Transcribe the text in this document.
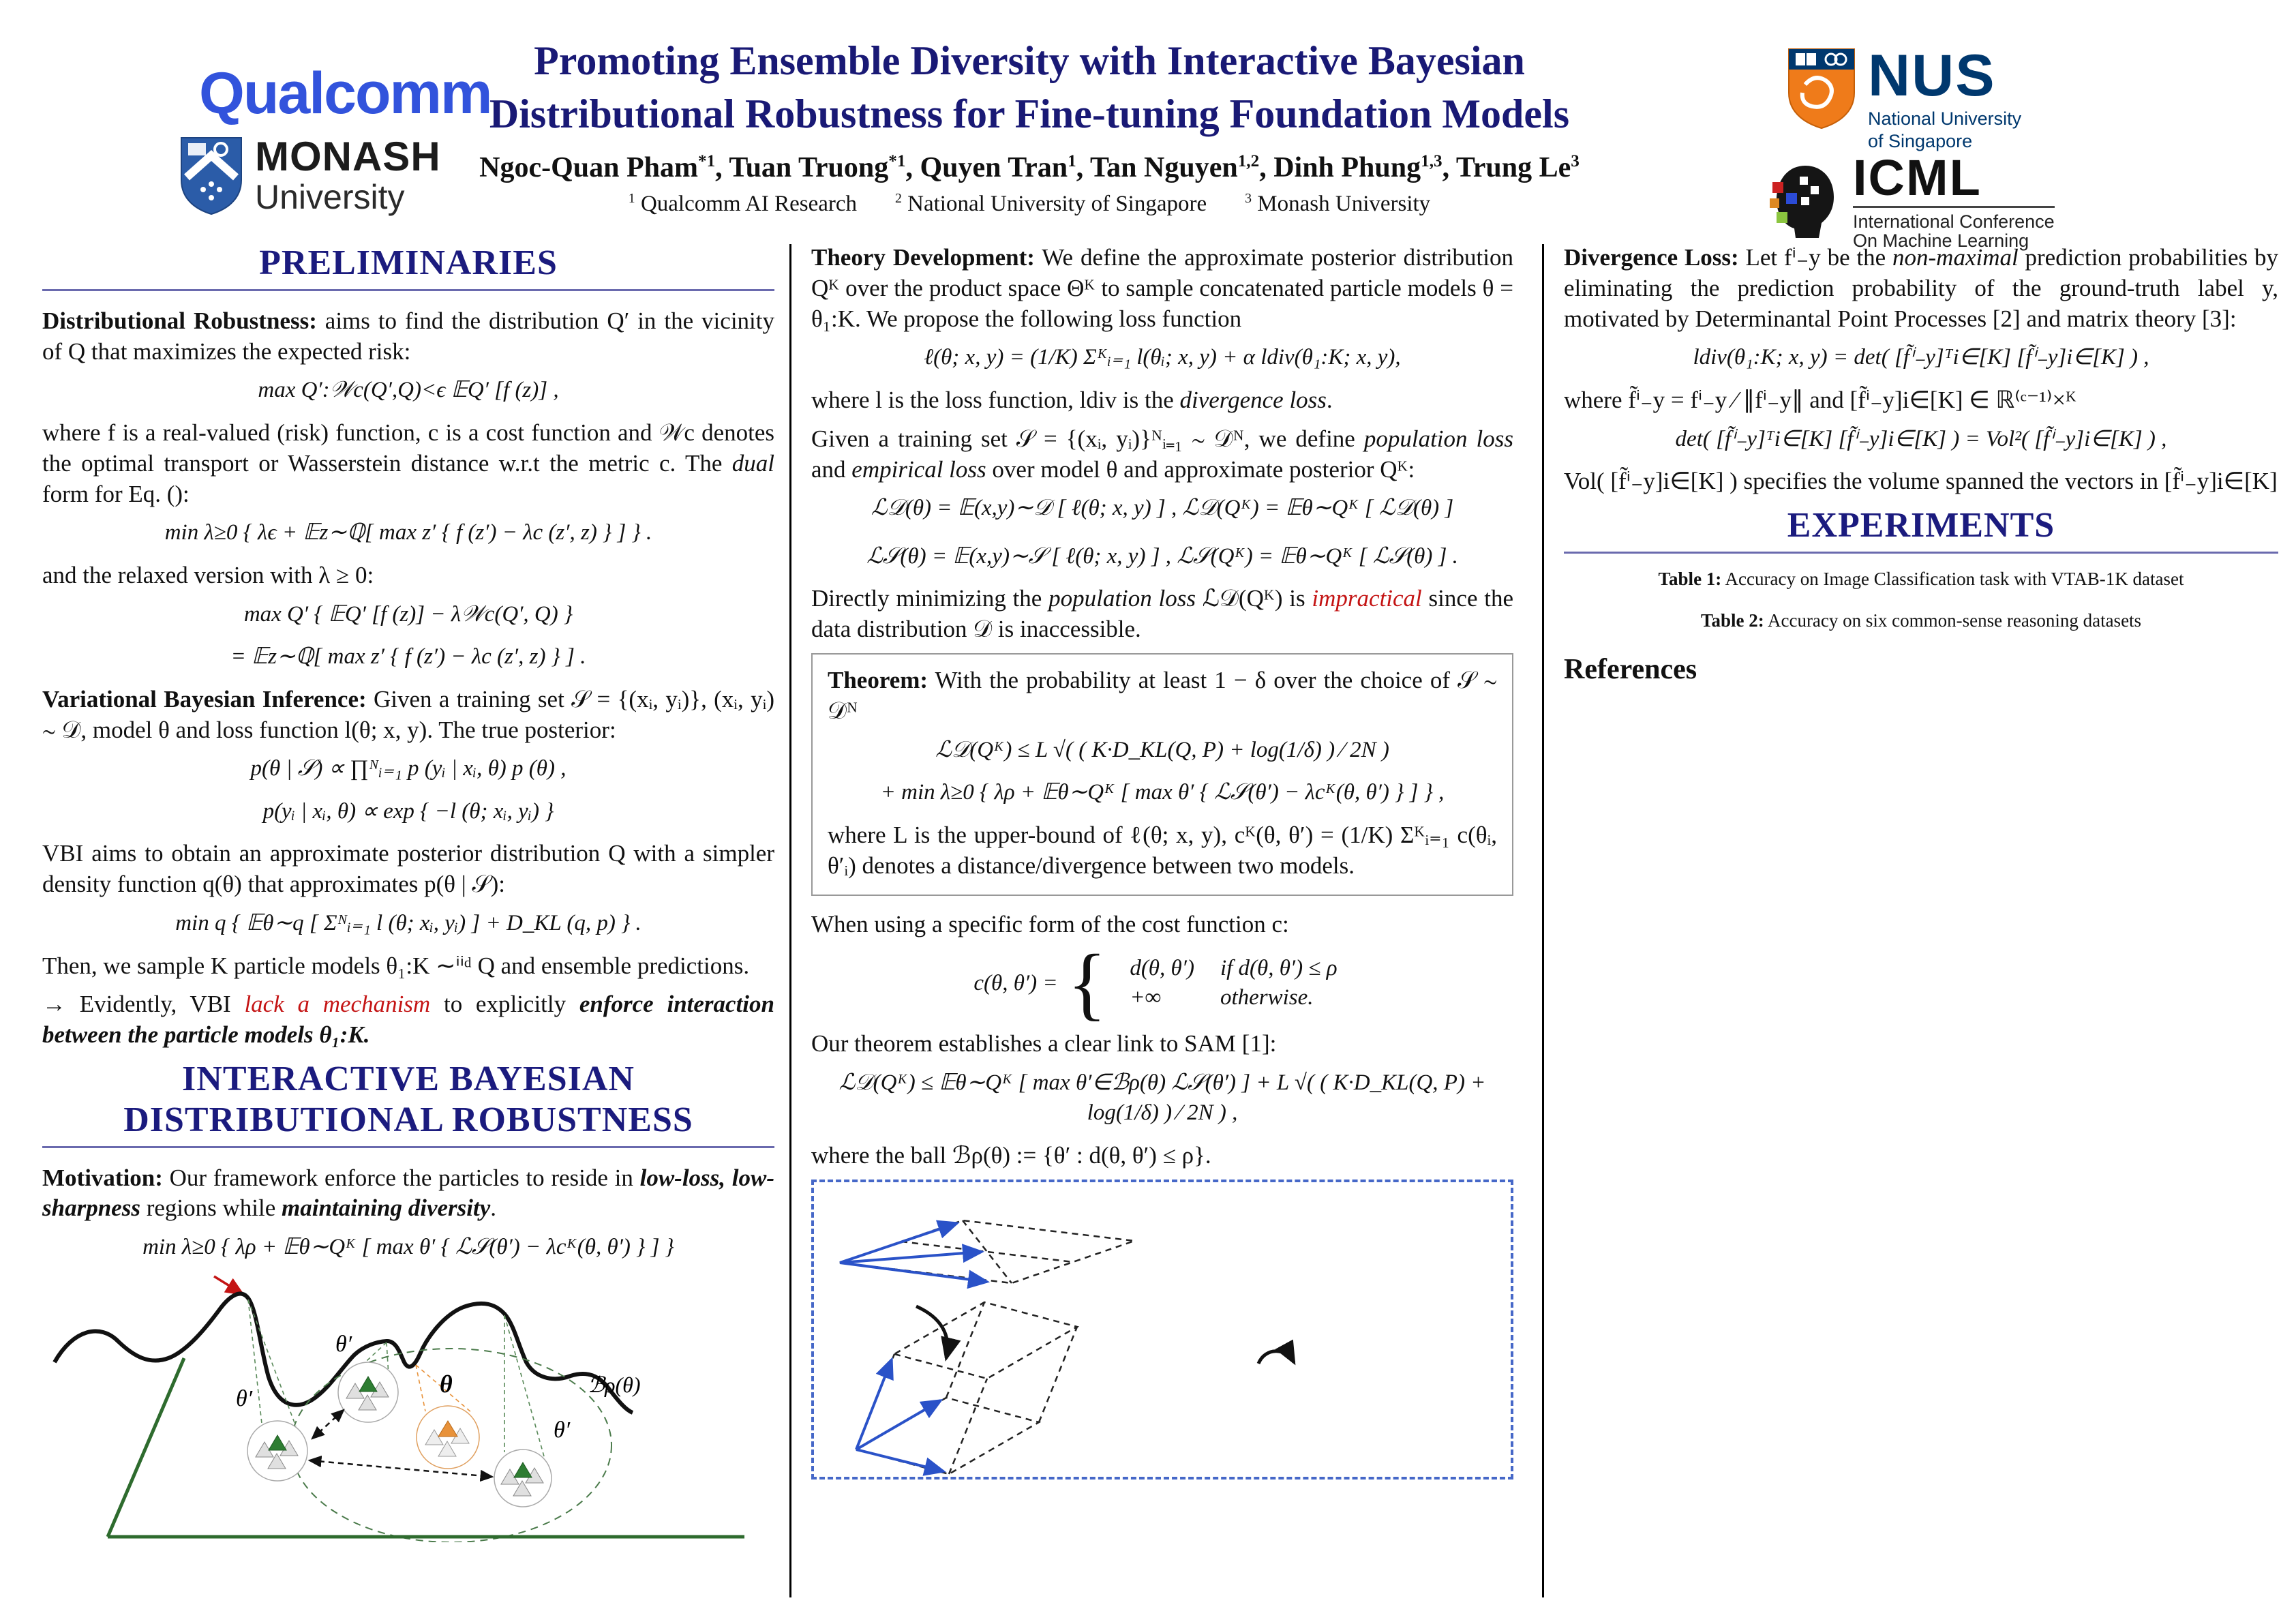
Qualcomm
MONASH
University
Promoting Ensemble Diversity with Interactive Bayesian
Distributional Robustness for Fine-tuning Foundation Models
Ngoc-Quan Pham$^{*1}$, Tuan Truong$^{*1}$, Quyen Tran$^1$, Tan Nguyen$^{1,2}$, Dinh Phung$^{1,3}$, Trung Le$^3$
$^1$ Qualcomm AI Research	$^2$ National University of Singapore	$^3$ Monash University
NUS
National University
of Singapore
ICML
International Conference
On Machine Learning
PRELIMINARIES

Distributional Robustness: aims to find the distribution Q′ in the vicinity of Q that maximizes the expected risk:

max Q′:𝒲c(Q′,Q)<ϵ 𝔼Q′ [f (z)] ,

where f is a real-valued (risk) function, c is a cost function and 𝒲c denotes the optimal transport or Wasserstein distance w.r.t the metric c. The dual form for Eq. ():

min λ≥0 { λϵ + 𝔼z∼ℚ[ max z′ { f (z′) − λc (z′, z) } ] } .

and the relaxed version with λ ≥ 0:

max Q′ { 𝔼Q′ [f (z)] − λ𝒲c(Q′, Q) }
= 𝔼z∼ℚ[ max z′ { f (z′) − λc (z′, z) } ] .

Variational Bayesian Inference: Given a training set 𝒮 = {(xᵢ, yᵢ)}, (xᵢ, yᵢ) ∼ 𝒟, model θ and loss function l(θ; x, y). The true posterior:

p(θ | 𝒮) ∝ ∏ᴺᵢ₌₁ p (yᵢ | xᵢ, θ) p (θ) ,
p(yᵢ | xᵢ, θ) ∝ exp { −l (θ; xᵢ, yᵢ) }

VBI aims to obtain an approximate posterior distribution Q with a simpler density function q(θ) that approximates p(θ | 𝒮):

min q { 𝔼θ∼q [ Σᴺᵢ₌₁ l (θ; xᵢ, yᵢ) ] + D_KL (q, p) } .

Then, we sample K particle models θ₁:K ∼ⁱⁱᵈ Q and ensemble predictions.

→ Evidently, VBI lack a mechanism to explicitly enforce interaction between the particle models θ₁:K.

INTERACTIVE BAYESIAN DISTRIBUTIONAL ROBUSTNESS

Motivation: Our framework enforce the particles to reside in low-loss, low-sharpness regions while maintaining diversity.

min λ≥0 { λρ + 𝔼θ∼Qᴷ [ max θ′ { ℒ𝒮(θ′) − λcᴷ(θ, θ′) } ] }
θ′
θ′
θ
θ′
ℬρ(θ)

Theory Development: We define the approximate posterior distribution Qᴷ over the product space Θᴷ to sample concatenated particle models θ = θ₁:K. We propose the following loss function

ℓ(θ; x, y) = (1/K) Σᴷᵢ₌₁ l(θᵢ; x, y) + α ldiv(θ₁:K; x, y),

where l is the loss function, ldiv is the divergence loss.

Given a training set 𝒮 = {(xᵢ, yᵢ)}ᴺᵢ₌₁ ∼ 𝒟ᴺ, we define population loss and empirical loss over model θ and approximate posterior Qᴷ:

ℒ𝒟(θ) = 𝔼(x,y)∼𝒟 [ ℓ(θ; x, y) ] , ℒ𝒟(Qᴷ) = 𝔼θ∼Qᴷ [ ℒ𝒟(θ) ]
ℒ𝒮(θ) = 𝔼(x,y)∼𝒮 [ ℓ(θ; x, y) ] , ℒ𝒮(Qᴷ) = 𝔼θ∼Qᴷ [ ℒ𝒮(θ) ] .

Directly minimizing the population loss ℒ𝒟(Qᴷ) is impractical since the data distribution 𝒟 is inaccessible.

Theorem: With the probability at least 1 − δ over the choice of 𝒮 ∼ 𝒟ᴺ

ℒ𝒟(Qᴷ) ≤ L √( ( K·D_KL(Q, P) + log(1/δ) ) ⁄ 2N )
+ min λ≥0 { λρ + 𝔼θ∼Qᴷ [ max θ′ { ℒ𝒮(θ′) − λcᴷ(θ, θ′) } ] } ,

where L is the upper-bound of ℓ(θ; x, y), cᴷ(θ, θ′) = (1/K) Σᴷᵢ₌₁ c(θᵢ, θ′ᵢ) denotes a distance/divergence between two models.

When using a specific form of the cost function c:

c(θ, θ′) = { d(θ, θ′)	if d(θ, θ′) ≤ ρ
+∞	otherwise.

Our theorem establishes a clear link to SAM [1]:

ℒ𝒟(Qᴷ) ≤ 𝔼θ∼Qᴷ [ max θ′∈ℬρ(θ) ℒ𝒮(θ′) ] + L √( ( K·D_KL(Q, P) + log(1/δ) ) ⁄ 2N ) ,

where the ball ℬρ(θ) := {θ′ : d(θ, θ′) ≤ ρ}.

Divergence Loss: Let fⁱ₋y be the non-maximal prediction probabilities by eliminating the prediction probability of the ground-truth label y, motivated by Determinantal Point Processes [2] and matrix theory [3]:

ldiv(θ₁:K; x, y) = det( [f̃ⁱ₋y]ᵀi∈[K] [f̃ⁱ₋y]i∈[K] ) ,

where f̃ⁱ₋y = fⁱ₋y ⁄ ∥fⁱ₋y∥ and [f̃ⁱ₋y]i∈[K] ∈ ℝ⁽ᶜ⁻¹⁾×ᴷ

det( [f̃ⁱ₋y]ᵀi∈[K] [f̃ⁱ₋y]i∈[K] ) = Vol²( [f̃ⁱ₋y]i∈[K] ) ,

Vol( [f̃ⁱ₋y]i∈[K] ) specifies the volume spanned the vectors in [f̃ⁱ₋y]i∈[K]

EXPERIMENTS
Table 1: Accuracy on Image Classification task with VTAB-1K dataset
Table 2: Accuracy on six common-sense reasoning datasets
References
